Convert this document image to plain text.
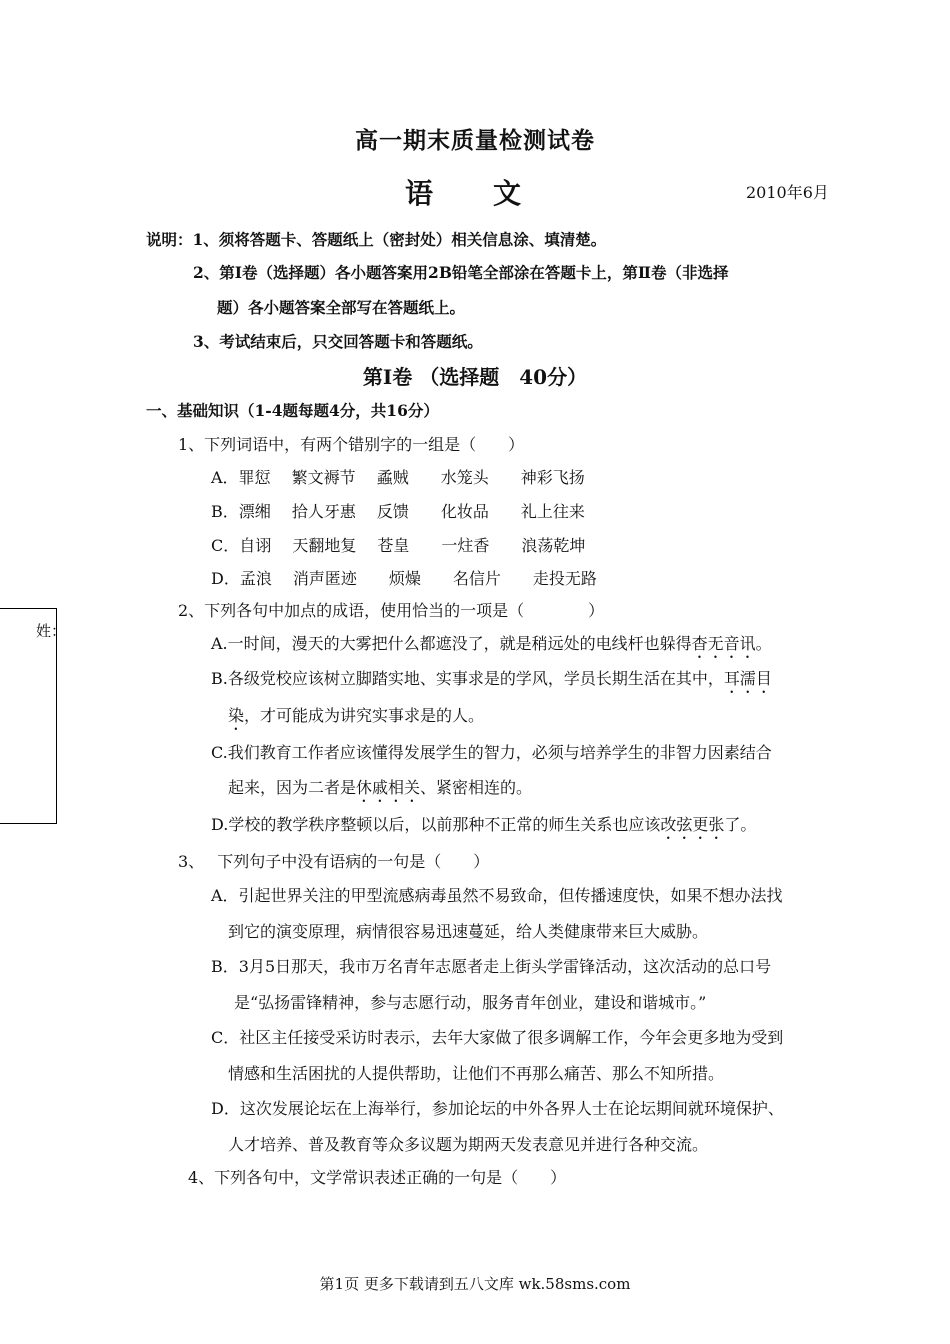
高一期末质量检测试卷
语文	2010年6月
说明：1、须将答题卡、答题纸上（密封处）相关信息涂、填清楚。
2、第Ⅰ卷（选择题）各小题答案用2B铅笔全部涂在答题卡上，第Ⅱ卷（非选择
题）各小题答案全部写在答题纸上。
3、考试结束后，只交回答题卡和答题纸。
第Ⅰ卷 （选择题　40分）
一、基础知识（1-4题每题4分，共16分）
1、下列词语中，有两个错别字的一组是（　　）
A．罪愆　 繁文褥节　 蟊贼　　水笼头　　神彩飞扬
B．漂缃　 拾人牙惠　 反馈　　化妆品　　礼上往来
C．自诩　 天翻地复　 苍皇　　一炷香　　浪荡乾坤
D．孟浪　 消声匿迹　　烦燥　　名信片　　走投无路
2、下列各句中加点的成语，使用恰当的一项是（　　　　）
A.一时间，漫天的大雾把什么都遮没了，就是稍远处的电线杆也躲得杳无音讯。
B.各级党校应该树立脚踏实地、实事求是的学风，学员长期生活在其中，耳濡目
染，才可能成为讲究实事求是的人。
C.我们教育工作者应该懂得发展学生的智力，必须与培养学生的非智力因素结合
起来，因为二者是休戚相关、紧密相连的。
D.学校的教学秩序整顿以后，以前那种不正常的师生关系也应该改弦更张了。
3、　 下列句子中没有语病的一句是（　　）
A．引起世界关注的甲型流感病毒虽然不易致命，但传播速度快，如果不想办法找
到它的演变原理，病情很容易迅速蔓延，给人类健康带来巨大威胁。
B．3月5日那天，我市万名青年志愿者走上街头学雷锋活动，这次活动的总口号
是“弘扬雷锋精神，参与志愿行动，服务青年创业，建设和谐城市。”
C．社区主任接受采访时表示，去年大家做了很多调解工作，今年会更多地为受到
情感和生活困扰的人提供帮助，让他们不再那么痛苦、那么不知所措。
D．这次发展论坛在上海举行，参加论坛的中外各界人士在论坛期间就环境保护、
人才培养、普及教育等众多议题为期两天发表意见并进行各种交流。
4、下列各句中，文学常识表述正确的一句是（　　）
姓：
第1页 更多下载请到五八文库 wk.58sms.com
